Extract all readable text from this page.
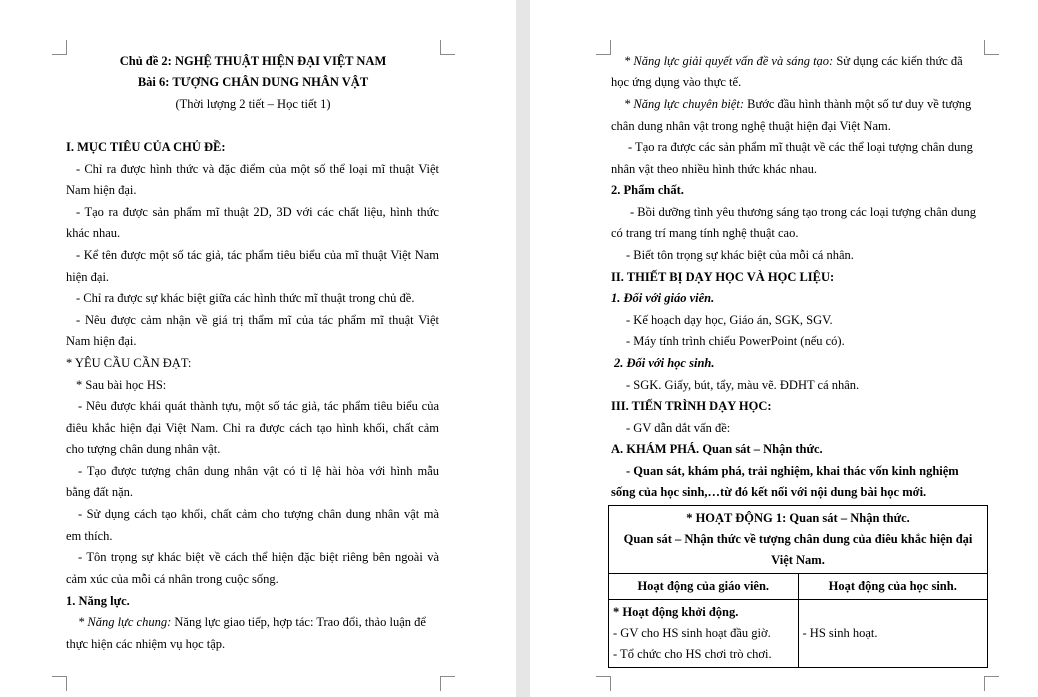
Chủ đề 2: NGHỆ THUẬT HIỆN ĐẠI VIỆT NAM
Bài 6: TƯỢNG CHÂN DUNG NHÂN VẬT
(Thời lượng 2 tiết – Học tiết 1)
I. MỤC TIÊU CỦA CHỦ ĐỀ:
- Chỉ ra được hình thức và đặc điểm của một số thể loại mĩ thuật Việt
Nam hiện đại.
- Tạo ra được sản phẩm mĩ thuật 2D, 3D với các chất liệu, hình thức
khác nhau.
- Kể tên được một số tác giả, tác phẩm tiêu biểu của mĩ thuật Việt Nam
hiện đại.
- Chỉ ra được sự khác biệt giữa các hình thức mĩ thuật trong chủ đề.
- Nêu được cảm nhận về giá trị thẩm mĩ của tác phẩm mĩ thuật Việt
Nam hiện đại.
* YÊU CẦU CẦN ĐẠT:
* Sau bài học HS:
- Nêu được khái quát thành tựu, một số tác giả, tác phẩm tiêu biểu của
điêu khắc hiện đại Việt Nam. Chỉ ra được cách tạo hình khối, chất cảm
cho tượng chân dung nhân vật.
- Tạo được tượng chân dung nhân vật có tỉ lệ hài hòa với hình mẫu
bằng đất nặn.
- Sử dụng cách tạo khối, chất cảm cho tượng chân dung nhân vật mà
em thích.
- Tôn trọng sự khác biệt về cách thể hiện đặc biệt riêng bên ngoài và
cảm xúc của mỗi cá nhân trong cuộc sống.
1. Năng lực.
* Năng lực chung: Năng lực giao tiếp, hợp tác: Trao đổi, thảo luận để
thực hiện các nhiệm vụ học tập.
* Năng lực giải quyết vấn đề và sáng tạo: Sử dụng các kiến thức đã
học ứng dụng vào thực tế.
* Năng lực chuyên biệt: Bước đầu hình thành một số tư duy về tượng
chân dung nhân vật trong nghệ thuật hiện đại Việt Nam.
- Tạo ra được các sản phẩm mĩ thuật về các thể loại tượng chân dung
nhân vật theo nhiều hình thức khác nhau.
2. Phẩm chất.
- Bồi dưỡng tình yêu thương sáng tạo trong các loại tượng chân dung
có trang trí mang tính nghệ thuật cao.
- Biết tôn trọng sự khác biệt của mỗi cá nhân.
II. THIẾT BỊ DẠY HỌC VÀ HỌC LIỆU:
1. Đối với giáo viên.
- Kế hoạch dạy học, Giáo án, SGK, SGV.
- Máy tính trình chiếu PowerPoint (nếu có).
2. Đối với học sinh.
- SGK. Giấy, bút, tẩy, màu vẽ. ĐDHT cá nhân.
III. TIẾN TRÌNH DẠY HỌC:
- GV dẫn dắt vấn đề:
A. KHÁM PHÁ. Quan sát – Nhận thức.
- Quan sát, khám phá, trải nghiệm, khai thác vốn kinh nghiệm
sống của học sinh,…từ đó kết nối với nội dung bài học mới.
* HOẠT ĐỘNG 1: Quan sát – Nhận thức.
Quan sát – Nhận thức về tượng chân dung của điêu khắc hiện đại
Việt Nam.	

Hoạt động của giáo viên.	Hoạt động của học sinh.

* Hoạt động khởi động.
- GV cho HS sinh hoạt đầu giờ.
- Tổ chức cho HS chơi trò chơi.	- HS sinh hoạt.
